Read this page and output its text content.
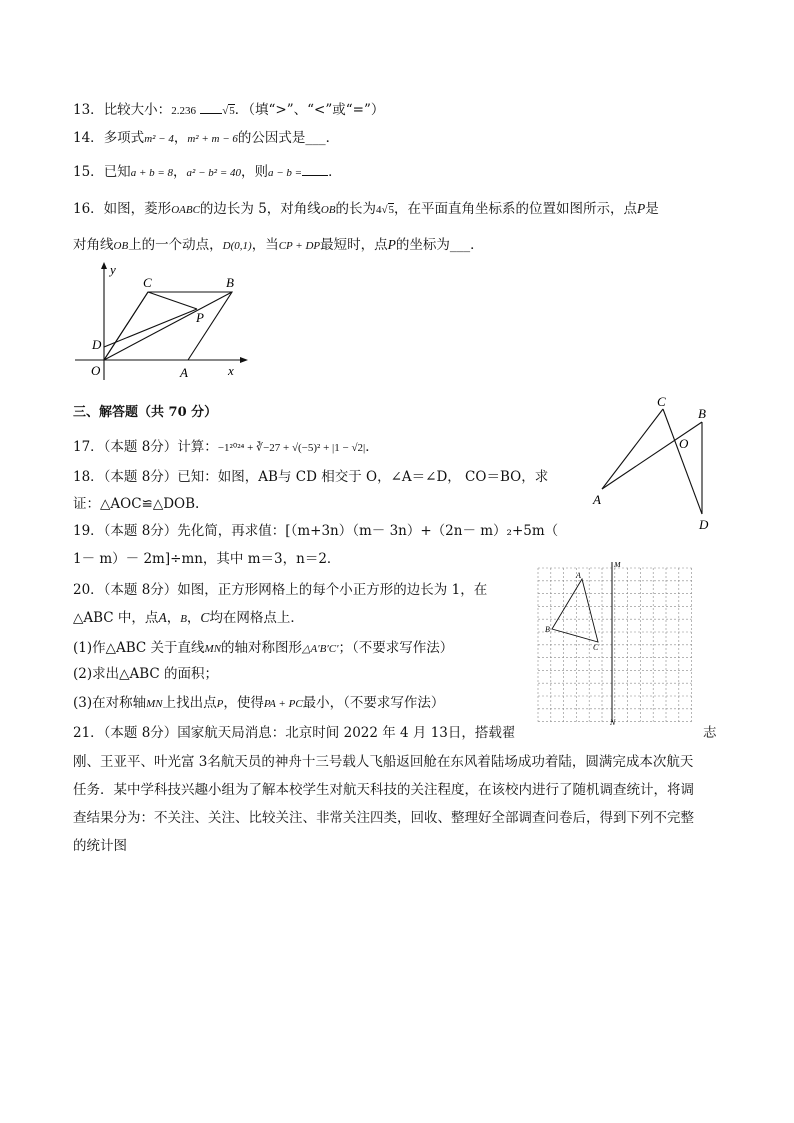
13．比较大小：2.236 √5．（填“>”、“<”或“=”）
14．多项式m² − 4，m² + m − 6的公因式是___．
15．已知a + b = 8，a² − b² = 40，则a − b = ．
16．如图，菱形OABC的边长为 5，对角线OB的长为4√5，在平面直角坐标系的位置如图所示，点P是
对角线OB上的一个动点，D(0,1)，当CP + DP最短时，点P的坐标为___．
y
x
C	B
P
D
O	A
三、解答题（共 70 分）
17．（本题 8分）计算：−1²⁰²⁴ + ∛−27 + √(−5)² + |1 − √2|．
18．（本题 8分）已知：如图，AB与 CD 相交于 O，∠A＝∠D， CO＝BO，求
证：△AOC≌△DOB.
C
B
O
A
D
19．（本题 8分）先化简，再求值：[（m+3n）（m－ 3n）+（2n－ m）₂+5m（
1－ m）－ 2m]÷mn，其中 m＝3，n＝2．
20．（本题 8分）如图，正方形网格上的每个小正方形的边长为 1，在
△ABC 中，点A，B，C均在网格点上．
(1)作△ABC 关于直线MN的轴对称图形△A′B′C′；（不要求写作法）
(2)求出△ABC 的面积；
(3)在对称轴MN上找出点P，使得PA + PC最小，（不要求写作法）
M
N
A
B
C
21．（本题 8分）国家航天局消息：北京时间 2022 年 4 月 13日，搭载翟	志
刚、王亚平、叶光富 3名航天员的神舟十三号载人飞船返回舱在东风着陆场成功着陆，圆满完成本次航天
任务．某中学科技兴趣小组为了解本校学生对航天科技的关注程度，在该校内进行了随机调查统计，将调
查结果分为：不关注、关注、比较关注、非常关注四类，回收、整理好全部调查问卷后，得到下列不完整
的统计图
